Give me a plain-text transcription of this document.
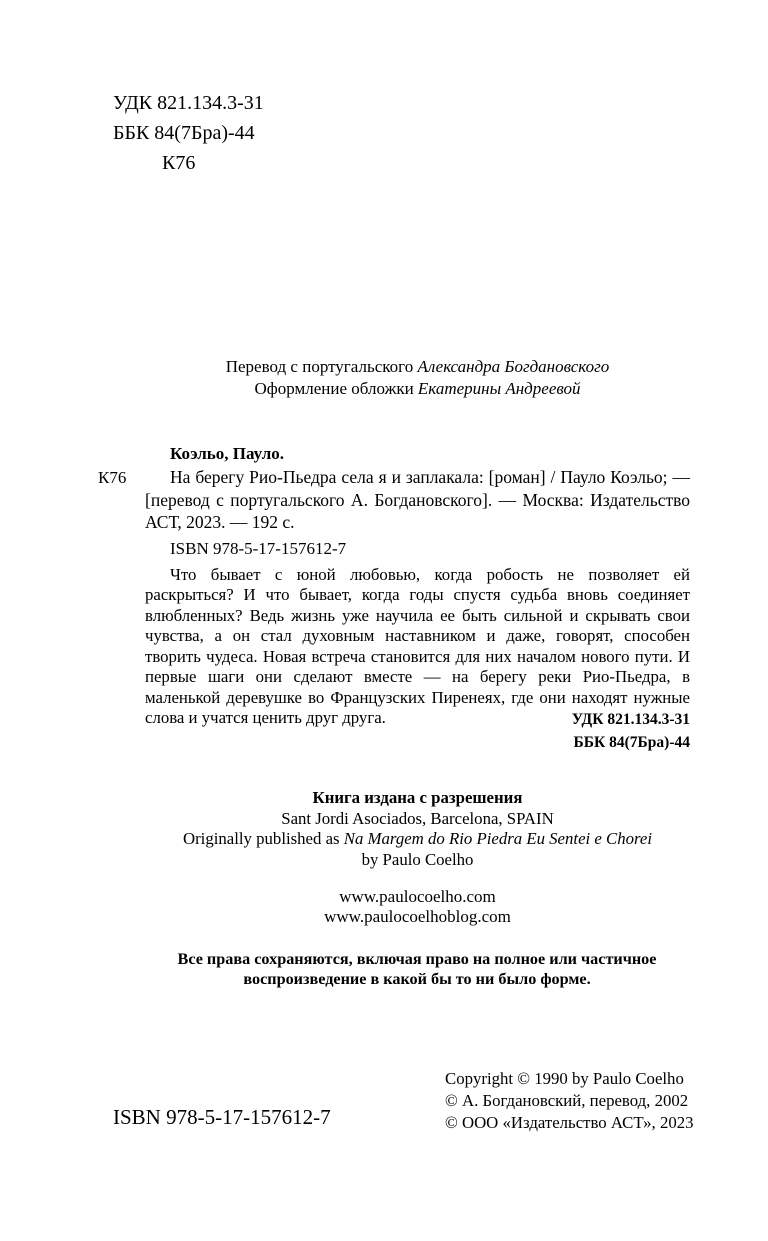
УДК 821.134.3-31
ББК 84(7Бра)-44
К76
Перевод с португальского Александра Богдановского
Оформление обложки Екатерины Андреевой
К76
Коэльо, Пауло.

На берегу Рио-Пьедра села я и заплакала: [роман] / Пауло Коэльо; — [перевод с португальского А. Богдановского]. — Москва: Издательство АСТ, 2023. — 192 с.

ISBN 978-5-17-157612-7

Что бывает с юной любовью, когда робость не позволяет ей раскрыться? И что бывает, когда годы спустя судьба вновь соединяет влюбленных? Ведь жизнь уже научила ее быть сильной и скрывать свои чувства, а он стал духовным наставником и даже, говорят, способен творить чудеса. Новая встреча становится для них началом нового пути. И первые шаги они сделают вместе — на берегу реки Рио-Пьедра, в маленькой деревушке во Французских Пиренеях, где они находят нужные слова и учатся ценить друг друга.	УДК 821.134.3-31
ББК 84(7Бра)-44
Книга издана с разрешения
Sant Jordi Asociados, Barcelona, SPAIN
Originally published as Na Margem do Rio Piedra Eu Sentei e Chorei
by Paulo Coelho
www.paulocoelho.com
www.paulocoelhoblog.com
Все права сохраняются, включая право на полное или частичное воспроизведение в какой бы то ни было форме.
ISBN 978-5-17-157612-7
Copyright © 1990 by Paulo Coelho
© А. Богдановский, перевод, 2002
© ООО «Издательство АСТ», 2023
